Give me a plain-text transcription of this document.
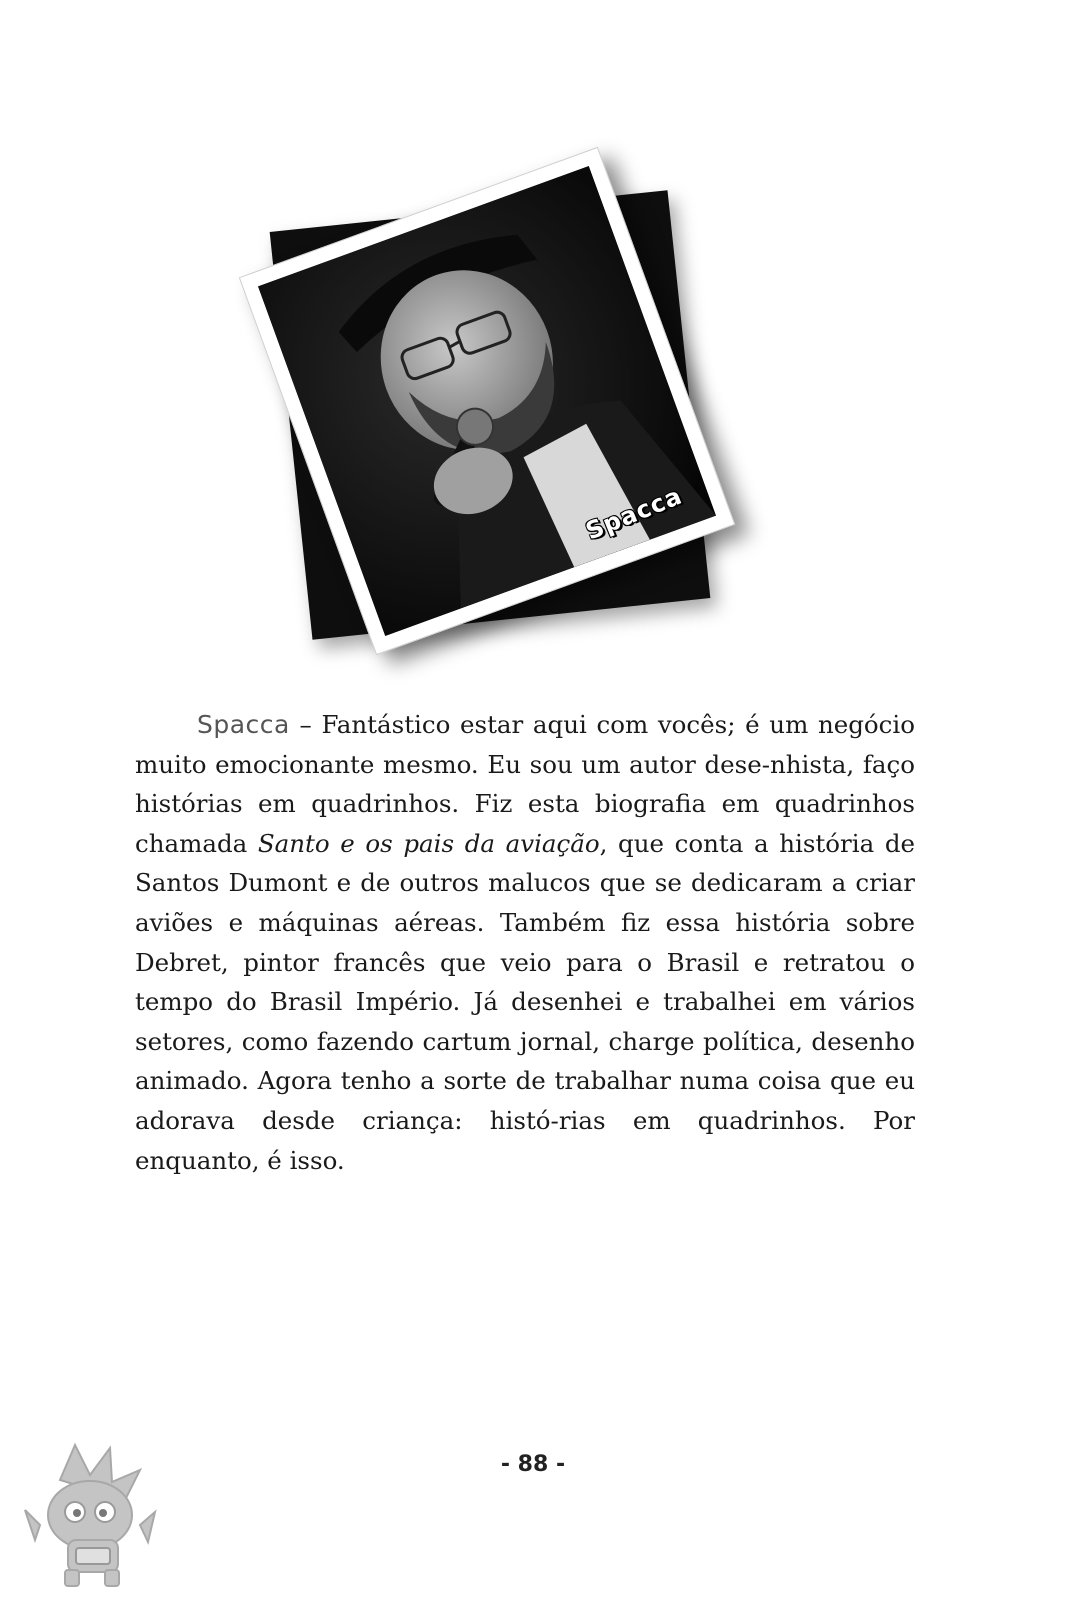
Spacca

Spacca – Fantástico estar aqui com vocês; é um negócio muito emocionante mesmo. Eu sou um autor dese-nhista, faço histórias em quadrinhos. Fiz esta biografia em quadrinhos chamada Santo e os pais da aviação, que conta a história de Santos Dumont e de outros malucos que se dedicaram a criar aviões e máquinas aéreas. Também fiz essa história sobre Debret, pintor francês que veio para o Brasil e retratou o tempo do Brasil Império. Já desenhei e trabalhei em vários setores, como fazendo cartum jornal, charge política, desenho animado. Agora tenho a sorte de trabalhar numa coisa que eu adorava desde criança: histó-rias em quadrinhos. Por enquanto, é isso.

- 88 -
